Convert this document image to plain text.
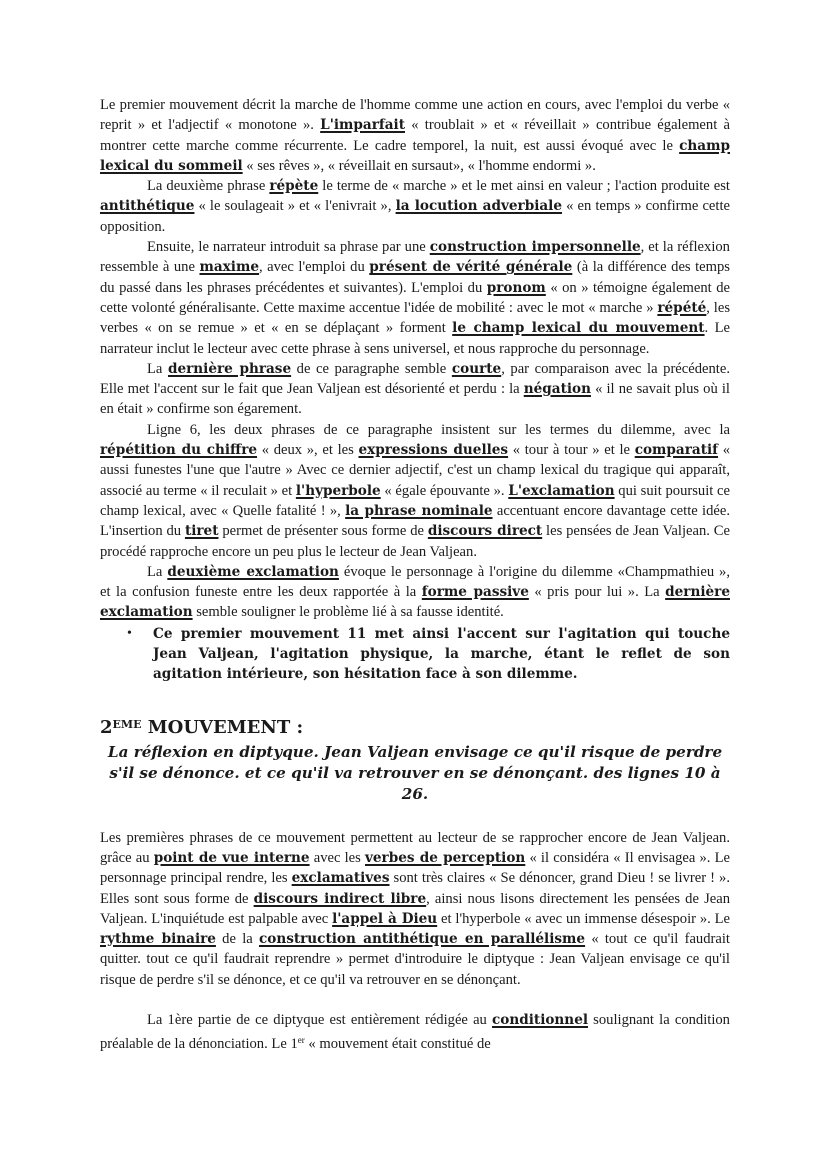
Le premier mouvement décrit la marche de l'homme comme une action en cours, avec l'emploi du verbe « reprit » et l'adjectif « monotone ». L'imparfait « troublait » et « réveillait » contribue également à montrer cette marche comme récurrente. Le cadre temporel, la nuit, est aussi évoqué avec le champ lexical du sommeil « ses rêves », « réveillait en sursaut», « l'homme endormi ».

La deuxième phrase répète le terme de « marche » et le met ainsi en valeur ; l'action produite est antithétique « le soulageait » et « l'enivrait », la locution adverbiale « en temps » confirme cette opposition.

Ensuite, le narrateur introduit sa phrase par une construction impersonnelle, et la réflexion ressemble à une maxime, avec l'emploi du présent de vérité générale (à la différence des temps du passé dans les phrases précédentes et suivantes). L'emploi du pronom « on » témoigne également de cette volonté généralisante. Cette maxime accentue l'idée de mobilité : avec le mot « marche » répété, les verbes « on se remue » et « en se déplaçant » forment le champ lexical du mouvement. Le narrateur inclut le lecteur avec cette phrase à sens universel, et nous rapproche du personnage.

La dernière phrase de ce paragraphe semble courte, par comparaison avec la précédente. Elle met l'accent sur le fait que Jean Valjean est désorienté et perdu : la négation « il ne savait plus où il en était » confirme son égarement.

Ligne 6, les deux phrases de ce paragraphe insistent sur les termes du dilemme, avec la répétition du chiffre « deux », et les expressions duelles « tour à tour » et le comparatif « aussi funestes l'une que l'autre » Avec ce dernier adjectif, c'est un champ lexical du tragique qui apparaît, associé au terme « il reculait » et l'hyperbole « égale épouvante ». L'exclamation qui suit poursuit ce champ lexical, avec « Quelle fatalité ! », la phrase nominale accentuant encore davantage cette idée. L'insertion du tiret permet de présenter sous forme de discours direct les pensées de Jean Valjean. Ce procédé rapproche encore un peu plus le lecteur de Jean Valjean.

La deuxième exclamation évoque le personnage à l'origine du dilemme «Champmathieu », et la confusion funeste entre les deux rapportée à la forme passive « pris pour lui ». La dernière exclamation semble souligner le problème lié à sa fausse identité.

•	Ce premier mouvement 11 met ainsi l'accent sur l'agitation qui touche Jean Valjean, l'agitation physique, la marche, étant le reflet de son agitation intérieure, son hésitation face à son dilemme.
2EME MOUVEMENT :
La réflexion en diptyque. Jean Valjean envisage ce qu'il risque de perdre s'il se dénonce. et ce qu'il va retrouver en se dénonçant. des lignes 10 à 26.

Les premières phrases de ce mouvement permettent au lecteur de se rapprocher encore de Jean Valjean. grâce au point de vue interne avec les verbes de perception « il considéra « Il envisagea ». Le personnage principal rendre, les exclamatives sont très claires « Se dénoncer, grand Dieu ! se livrer ! ». Elles sont sous forme de discours indirect libre, ainsi nous lisons directement les pensées de Jean Valjean. L'inquiétude est palpable avec l'appel à Dieu et l'hyperbole « avec un immense désespoir ». Le rythme binaire de la construction antithétique en parallélisme « tout ce qu'il faudrait quitter. tout ce qu'il faudrait reprendre » permet d'introduire le diptyque : Jean Valjean envisage ce qu'il risque de perdre s'il se dénonce, et ce qu'il va retrouver en se dénonçant.

La 1ère partie de ce diptyque est entièrement rédigée au conditionnel soulignant la condition préalable de la dénonciation. Le 1er « mouvement était constitué de
